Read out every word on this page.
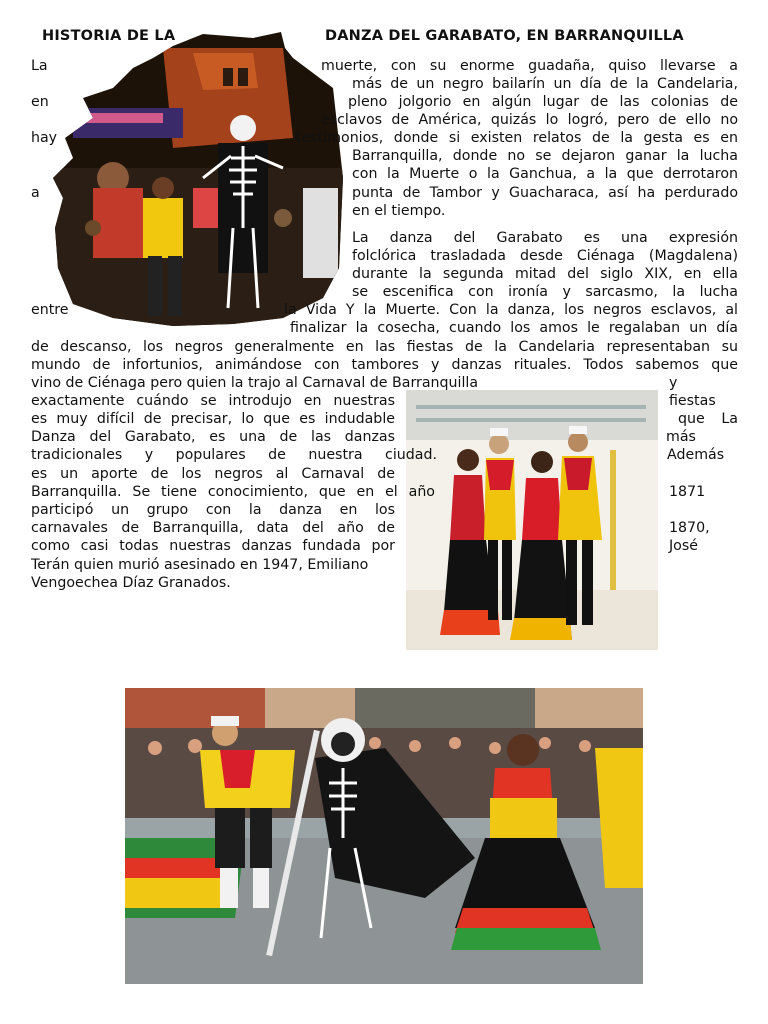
HISTORIA DE LA	DANZA DEL GARABATO, EN BARRANQUILLA
La	muerte, con su enorme guadaña, quiso llevarse a
más de un negro bailarín un día de la Candelaria,
en	pleno jolgorio en algún lugar de las colonias de
esclavos de América, quizás lo logró, pero de ello no
hay	testimonios, donde si existen relatos de la gesta es en
Barranquilla, donde no se dejaron ganar la lucha
con la Muerte o la Ganchua, a la que derrotaron
a	punta de Tambor y Guacharaca, así ha perdurado
en el tiempo.
La danza del Garabato es una expresión
folclórica trasladada desde Ciénaga (Magdalena)
durante la segunda mitad del siglo XIX, en ella
se escenifica con ironía y sarcasmo, la lucha
entre	la Vida Y la Muerte. Con la danza, los negros esclavos, al
finalizar la cosecha, cuando los amos le regalaban un día
de descanso, los negros generalmente en las fiestas de la Candelaria representaban su
mundo de infortunios, animándose con tambores y danzas rituales. Todos sabemos que
vino de Ciénaga pero quien la trajo al Carnaval de Barranquilla	y
exactamente cuándo se introdujo en nuestras	fiestas
es muy difícil de precisar, lo que es indudable	que La
Danza del Garabato, es una de las danzas	más
tradicionales y populares de nuestra ciudad.	Además
es un aporte de los negros al Carnaval de
Barranquilla. Se tiene conocimiento, que en el año	1871
participó un grupo con la danza en los
carnavales de Barranquilla, data del año de	1870,
como casi todas nuestras danzas fundada por	José
Terán quien murió asesinado en 1947, Emiliano
Vengoechea Díaz Granados.
